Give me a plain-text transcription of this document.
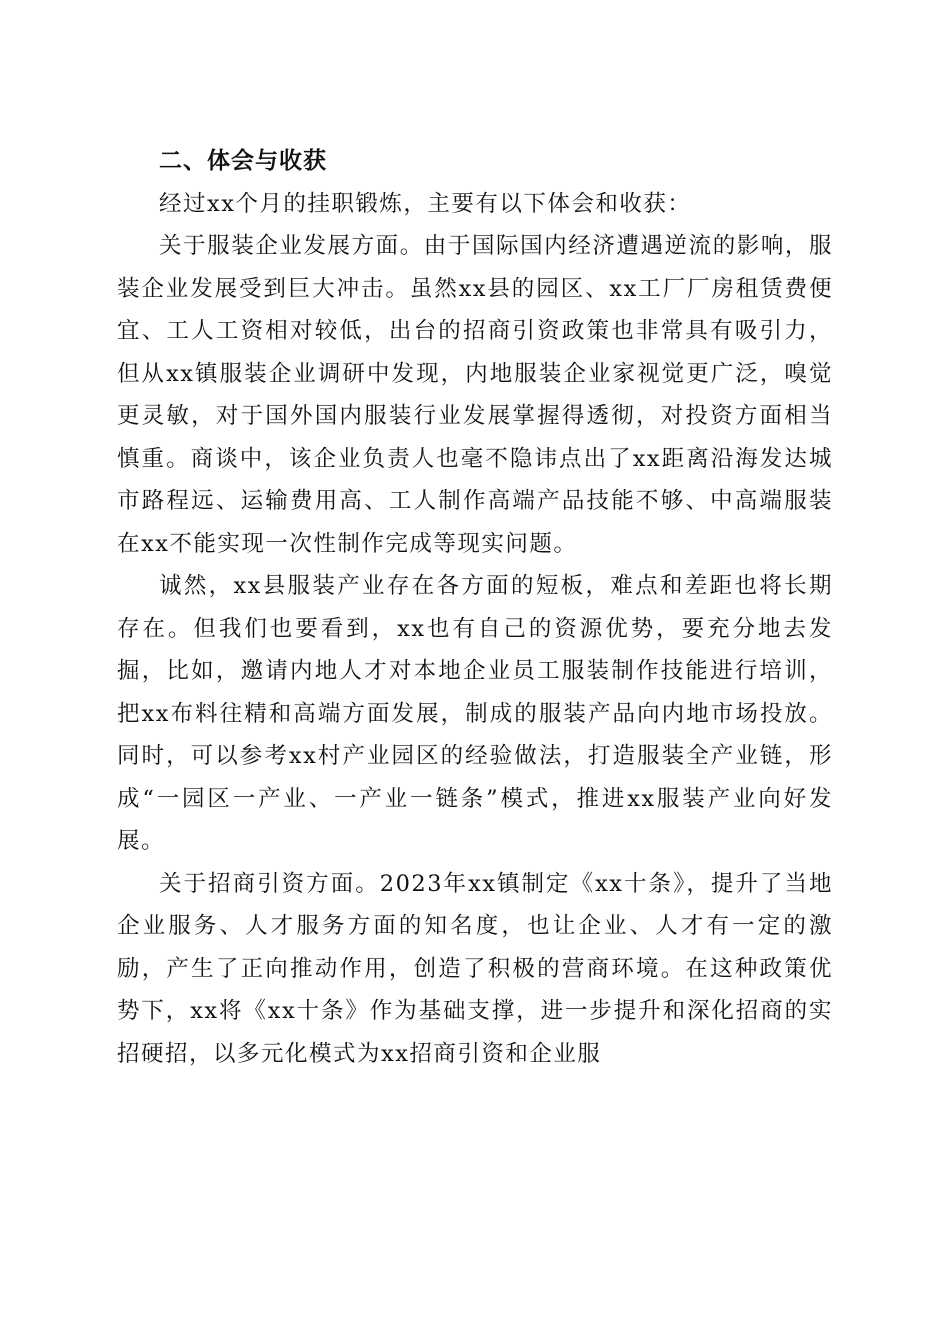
二、体会与收获

经过xx个月的挂职锻炼，主要有以下体会和收获：

关于服装企业发展方面。由于国际国内经济遭遇逆流的影响，服装企业发展受到巨大冲击。虽然xx县的园区、xx工厂厂房租赁费便宜、工人工资相对较低，出台的招商引资政策也非常具有吸引力，但从xx镇服装企业调研中发现，内地服装企业家视觉更广泛，嗅觉更灵敏，对于国外国内服装行业发展掌握得透彻，对投资方面相当慎重。商谈中，该企业负责人也毫不隐讳点出了xx距离沿海发达城市路程远、运输费用高、工人制作高端产品技能不够、中高端服装在xx不能实现一次性制作完成等现实问题。

诚然，xx县服装产业存在各方面的短板，难点和差距也将长期存在。但我们也要看到，xx也有自己的资源优势，要充分地去发掘，比如，邀请内地人才对本地企业员工服装制作技能进行培训，把xx布料往精和高端方面发展，制成的服装产品向内地市场投放。同时，可以参考xx村产业园区的经验做法，打造服装全产业链，形成“一园区一产业、一产业一链条”模式，推进xx服装产业向好发展。

关于招商引资方面。2023年xx镇制定《xx十条》，提升了当地企业服务、人才服务方面的知名度，也让企业、人才有一定的激励，产生了正向推动作用，创造了积极的营商环境。在这种政策优势下，xx将《xx十条》作为基础支撑，进一步提升和深化招商的实招硬招，以多元化模式为xx招商引资和企业服
